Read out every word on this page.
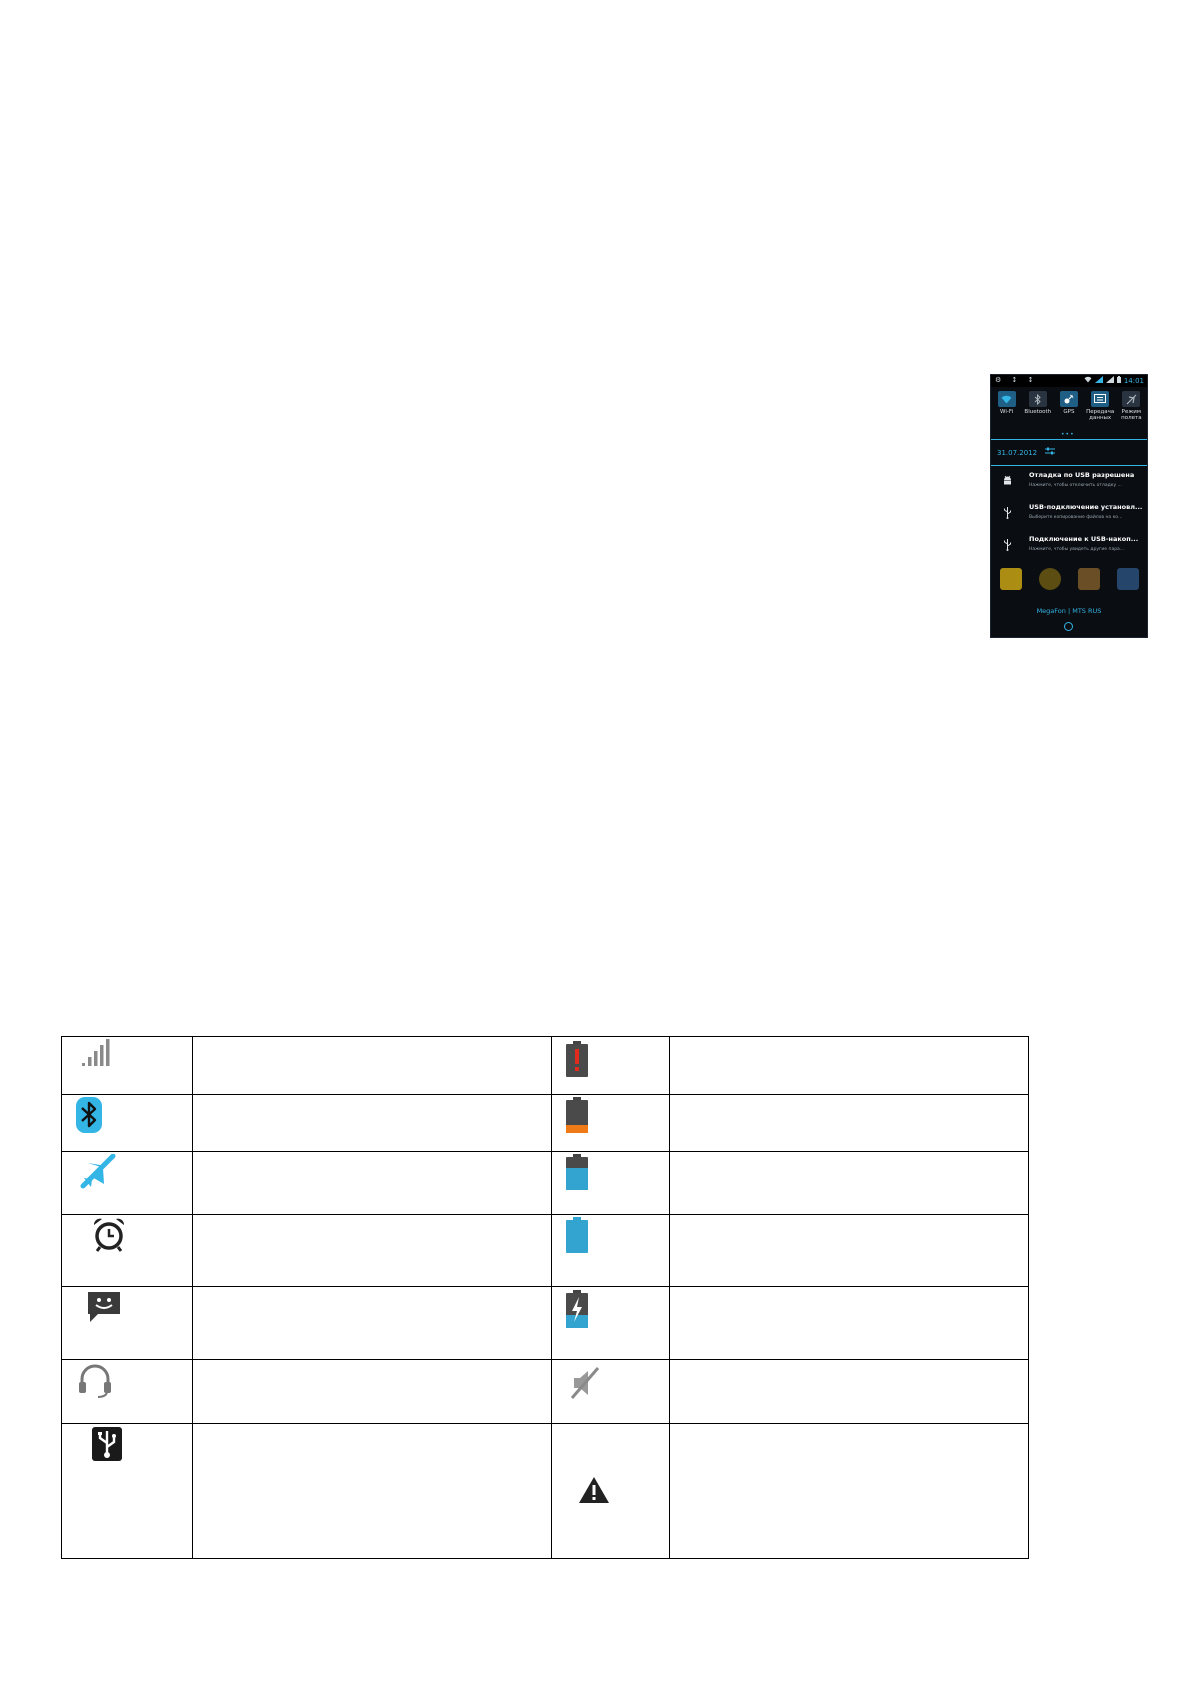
⚙ ↕ ↕	14:01
Wi-Fi Bluetooth GPS Передача данных
Режим полета
•••
31.07.2012
Отладка по USB разрешена
Нажмите, чтобы отключить отладку ...
USB-подключение установл...
Выберите копирование файлов на ко...
Подключение к USB-накоп...
Нажмите, чтобы увидеть другие пара...
MegaFon | MTS RUS
